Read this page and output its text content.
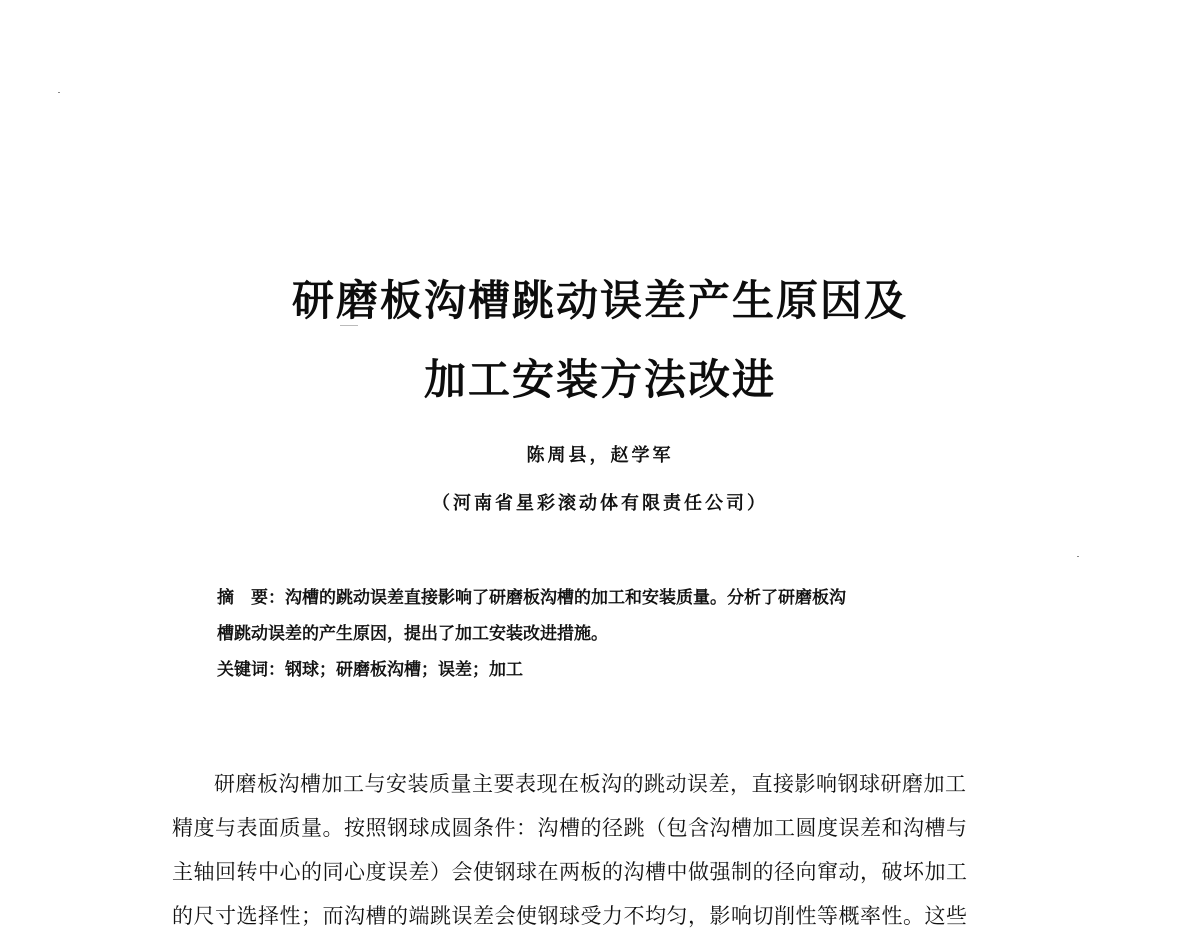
研磨板沟槽跳动误差产生原因及
加工安装方法改进
陈周县，赵学军
（河南省星彩滚动体有限责任公司）
摘　要：沟槽的跳动误差直接影响了研磨板沟槽的加工和安装质量。分析了研磨板沟
槽跳动误差的产生原因，提出了加工安装改进措施。
关键词：钢球；研磨板沟槽；误差；加工
研磨板沟槽加工与安装质量主要表现在板沟的跳动误差，直接影响钢球研磨加工
精度与表面质量。按照钢球成圆条件：沟槽的径跳（包含沟槽加工圆度误差和沟槽与
主轴回转中心的同心度误差）会使钢球在两板的沟槽中做强制的径向窜动，破坏加工
的尺寸选择性；而沟槽的端跳误差会使钢球受力不均匀，影响切削性等概率性。这些
